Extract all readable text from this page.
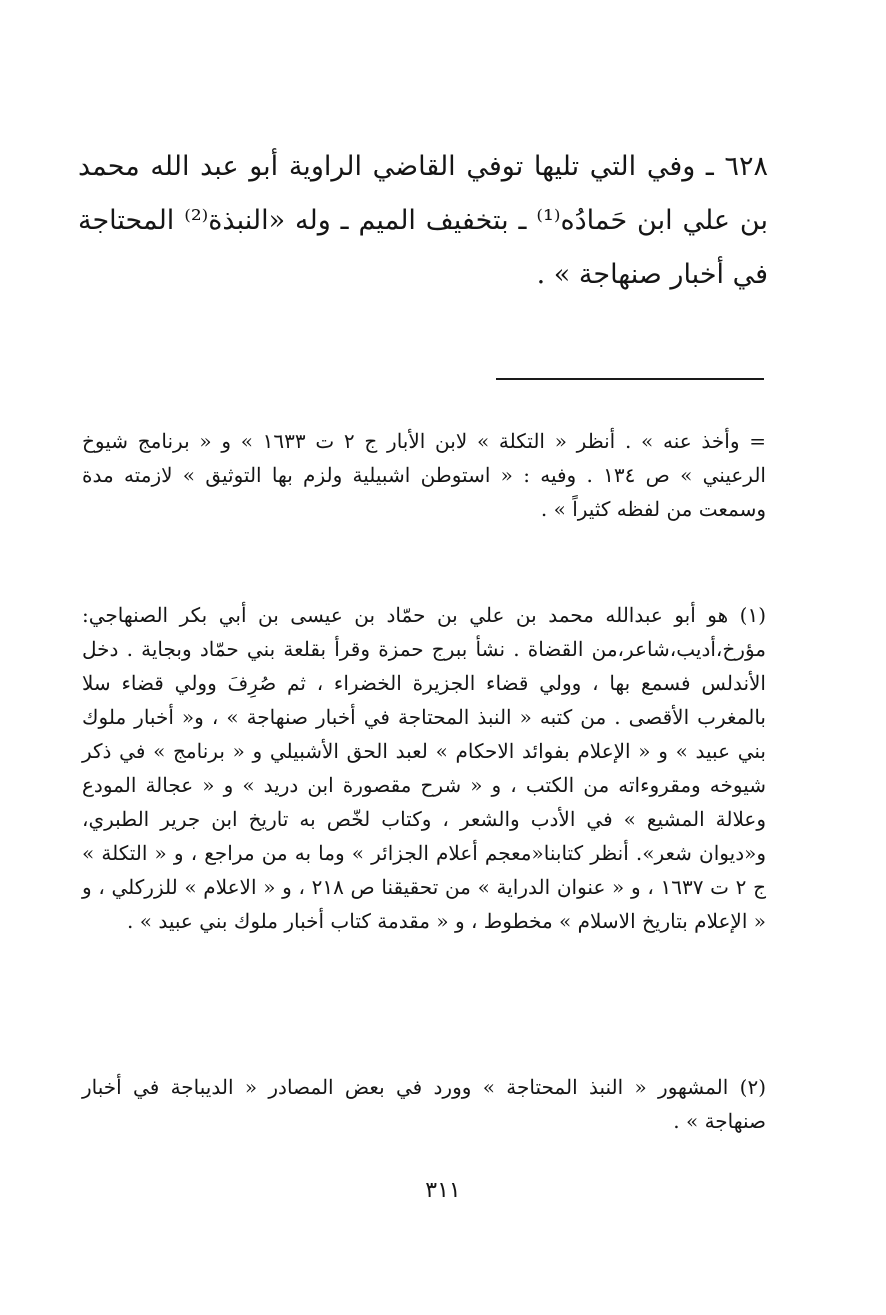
٦٢٨ ـ وفي التي تليها توفي القاضي الراوية أبو عبد الله محمد بن علي ابن حَمادُه⁽¹⁾ ـ بتخفيف الميم ـ وله «النبذة⁽²⁾ المحتاجة في أخبار صنهاجة » .

= وأخذ عنه » . أنظر « التكلة » لابن الأبار ج ٢ ت ١٦٣٣ » و « برنامج شيوخ الرعيني » ص ١٣٤ . وفيه : « استوطن اشبيلية ولزم بها التوثيق » لازمته مدة وسمعت من لفظه كثيراً » .

(١) هو أبو عبدالله محمد بن علي بن حمّاد بن عيسى بن أبي بكر الصنهاجي: مؤرخ،أديب،شاعر،من القضاة . نشأ ببرج حمزة وقرأ بقلعة بني حمّاد وبجاية . دخل الأندلس فسمع بها ، وولي قضاء الجزيرة الخضراء ، ثم صُرِفَ وولي قضاء سلا بالمغرب الأقصى . من كتبه « النبذ المحتاجة في أخبار صنهاجة » ، و« أخبار ملوك بني عبيد » و « الإعلام بفوائد الاحكام » لعبد الحق الأشبيلي و « برنامج » في ذكر شيوخه ومقروءاته من الكتب ، و « شرح مقصورة ابن دريد » و « عجالة المودع وعلالة المشيع » في الأدب والشعر ، وكتاب لخّص به تاريخ ابن جرير الطبري، و«ديوان شعر». أنظر كتابنا«معجم أعلام الجزائر » وما به من مراجع ، و « التكلة » ج ٢ ت ١٦٣٧ ، و « عنوان الدراية » من تحقيقنا ص ٢١٨ ، و « الاعلام » للزركلي ، و « الإعلام بتاريخ الاسلام » مخطوط ، و « مقدمة كتاب أخبار ملوك بني عبيد » .

(٢) المشهور « النبذ المحتاجة » وورد في بعض المصادر « الديباجة في أخبار صنهاجة » .

٣١١
